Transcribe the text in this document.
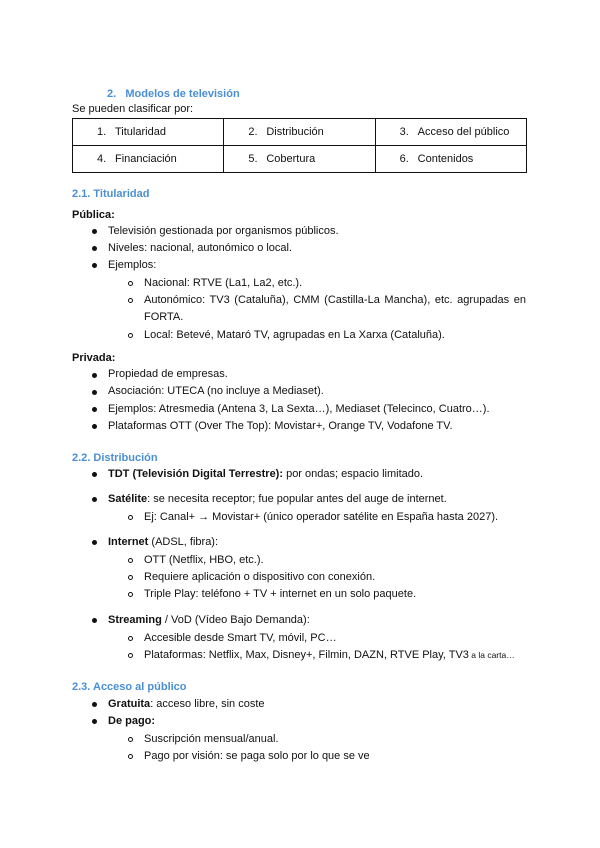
2. Modelos de televisión
Se pueden clasificar por:
1. Titularidad	2. Distribución	3. Acceso del público
4. Financiación	5. Cobertura	6. Contenidos
2.1. Titularidad
Pública:
Televisión gestionada por organismos públicos.
Niveles: nacional, autonómico o local.
Ejemplos:
Nacional: RTVE (La1, La2, etc.).
Autonómico: TV3 (Cataluña), CMM (Castilla-La Mancha), etc. agrupadas en
FORTA.
Local: Betevé, Mataró TV, agrupadas en La Xarxa (Cataluña).
Privada:
Propiedad de empresas.
Asociación: UTECA (no incluye a Mediaset).
Ejemplos: Atresmedia (Antena 3, La Sexta…), Mediaset (Telecinco, Cuatro…).
Plataformas OTT (Over The Top): Movistar+, Orange TV, Vodafone TV.
2.2. Distribución
TDT (Televisión Digital Terrestre): por ondas; espacio limitado.
Satélite: se necesita receptor; fue popular antes del auge de internet.
Ej: Canal+ → Movistar+ (único operador satélite en España hasta 2027).
Internet (ADSL, fibra):
OTT (Netflix, HBO, etc.).
Requiere aplicación o dispositivo con conexión.
Triple Play: teléfono + TV + internet en un solo paquete.
Streaming / VoD (Vídeo Bajo Demanda):
Accesible desde Smart TV, móvil, PC…
Plataformas: Netflix, Max, Disney+, Filmin, DAZN, RTVE Play, TV3 a la carta…
2.3. Acceso al público
Gratuita: acceso libre, sin coste
De pago:
Suscripción mensual/anual.
Pago por visión: se paga solo por lo que se ve
